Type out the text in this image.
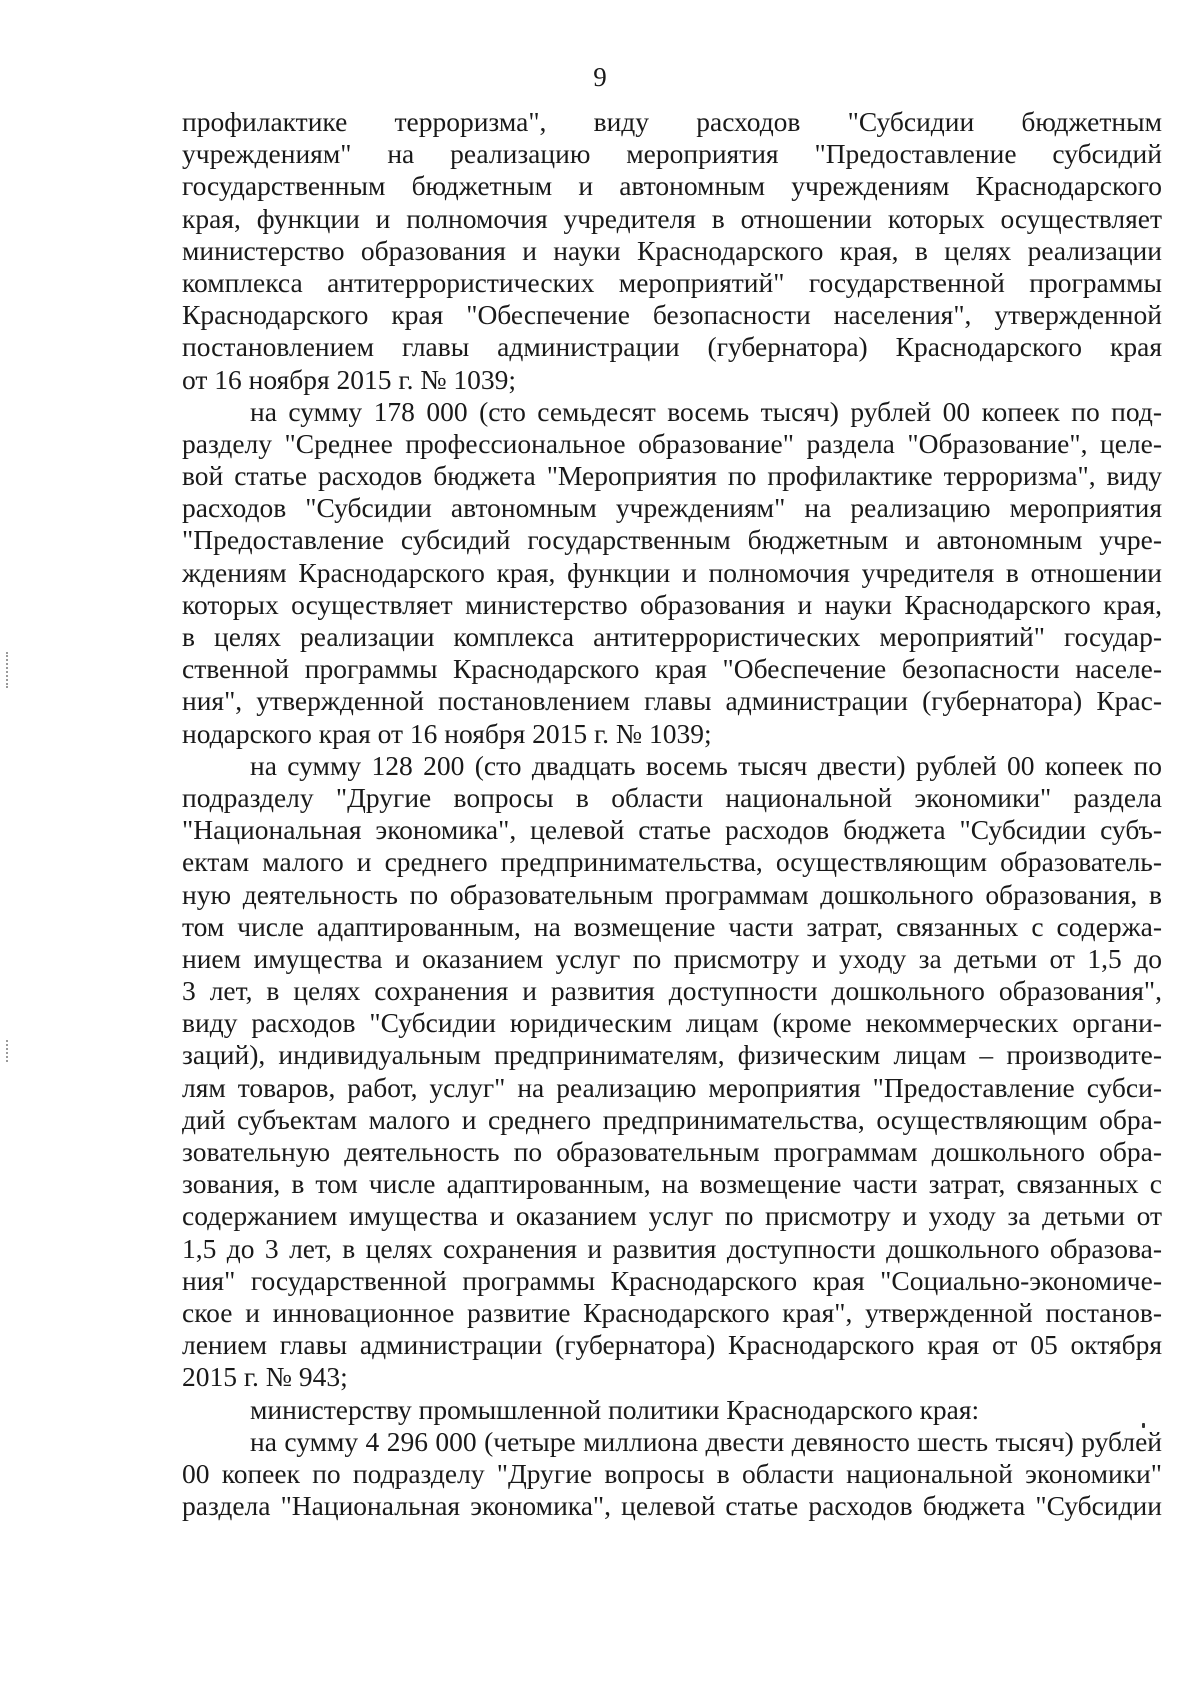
9
профилактике терроризма", виду расходов "Субсидии бюджетным
учреждениям" на реализацию мероприятия "Предоставление субсидий
государственным бюджетным и автономным учреждениям Краснодарского
края, функции и полномочия учредителя в отношении которых осуществляет
министерство образования и науки Краснодарского края, в целях реализации
комплекса антитеррористических мероприятий" государственной программы
Краснодарского края "Обеспечение безопасности населения", утвержденной
постановлением главы администрации (губернатора) Краснодарского края
от 16 ноября 2015 г. № 1039;
на сумму 178 000 (сто семьдесят восемь тысяч) рублей 00 копеек по под-
разделу "Среднее профессиональное образование" раздела "Образование", целе-
вой статье расходов бюджета "Мероприятия по профилактике терроризма", виду
расходов "Субсидии автономным учреждениям" на реализацию мероприятия
"Предоставление субсидий государственным бюджетным и автономным учре-
ждениям Краснодарского края, функции и полномочия учредителя в отношении
которых осуществляет министерство образования и науки Краснодарского края,
в целях реализации комплекса антитеррористических мероприятий" государ-
ственной программы Краснодарского края "Обеспечение безопасности населе-
ния", утвержденной постановлением главы администрации (губернатора) Крас-
нодарского края от 16 ноября 2015 г. № 1039;
на сумму 128 200 (сто двадцать восемь тысяч двести) рублей 00 копеек по
подразделу "Другие вопросы в области национальной экономики" раздела
"Национальная экономика", целевой статье расходов бюджета "Субсидии субъ-
ектам малого и среднего предпринимательства, осуществляющим образователь-
ную деятельность по образовательным программам дошкольного образования, в
том числе адаптированным, на возмещение части затрат, связанных с содержа-
нием имущества и оказанием услуг по присмотру и уходу за детьми от 1,5 до
3 лет, в целях сохранения и развития доступности дошкольного образования",
виду расходов "Субсидии юридическим лицам (кроме некоммерческих органи-
заций), индивидуальным предпринимателям, физическим лицам – производите-
лям товаров, работ, услуг" на реализацию мероприятия "Предоставление субси-
дий субъектам малого и среднего предпринимательства, осуществляющим обра-
зовательную деятельность по образовательным программам дошкольного обра-
зования, в том числе адаптированным, на возмещение части затрат, связанных с
содержанием имущества и оказанием услуг по присмотру и уходу за детьми от
1,5 до 3 лет, в целях сохранения и развития доступности дошкольного образова-
ния" государственной программы Краснодарского края "Социально-экономиче-
ское и инновационное развитие Краснодарского края", утвержденной постанов-
лением главы администрации (губернатора) Краснодарского края от 05 октября
2015 г. № 943;
министерству промышленной политики Краснодарского края:
на сумму 4 296 000 (четыре миллиона двести девяносто шесть тысяч) рублей
00 копеек по подразделу "Другие вопросы в области национальной экономики"
раздела "Национальная экономика", целевой статье расходов бюджета "Субсидии
